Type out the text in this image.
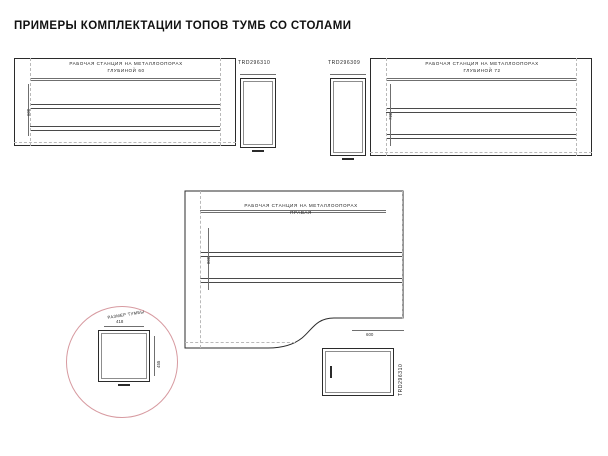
ПРИМЕРЫ КОМПЛЕКТАЦИИ ТОПОВ ТУМБ СО СТОЛАМИ
РАБОЧАЯ СТАНЦИЯ НА МЕТАЛЛООПОРАХ
ГЛУБИНОЙ 60
600
TRD296310	РАБОЧАЯ СТАНЦИЯ НА МЕТАЛЛООПОРАХ
ГЛУБИНОЙ 72
720
TRD296309
РАБОЧАЯ СТАНЦИЯ НА МЕТАЛЛООПОРАХ
ПРАВАЯ
800
600
TRD296310
РАЗМЕР ТУМБЫ
418
455
